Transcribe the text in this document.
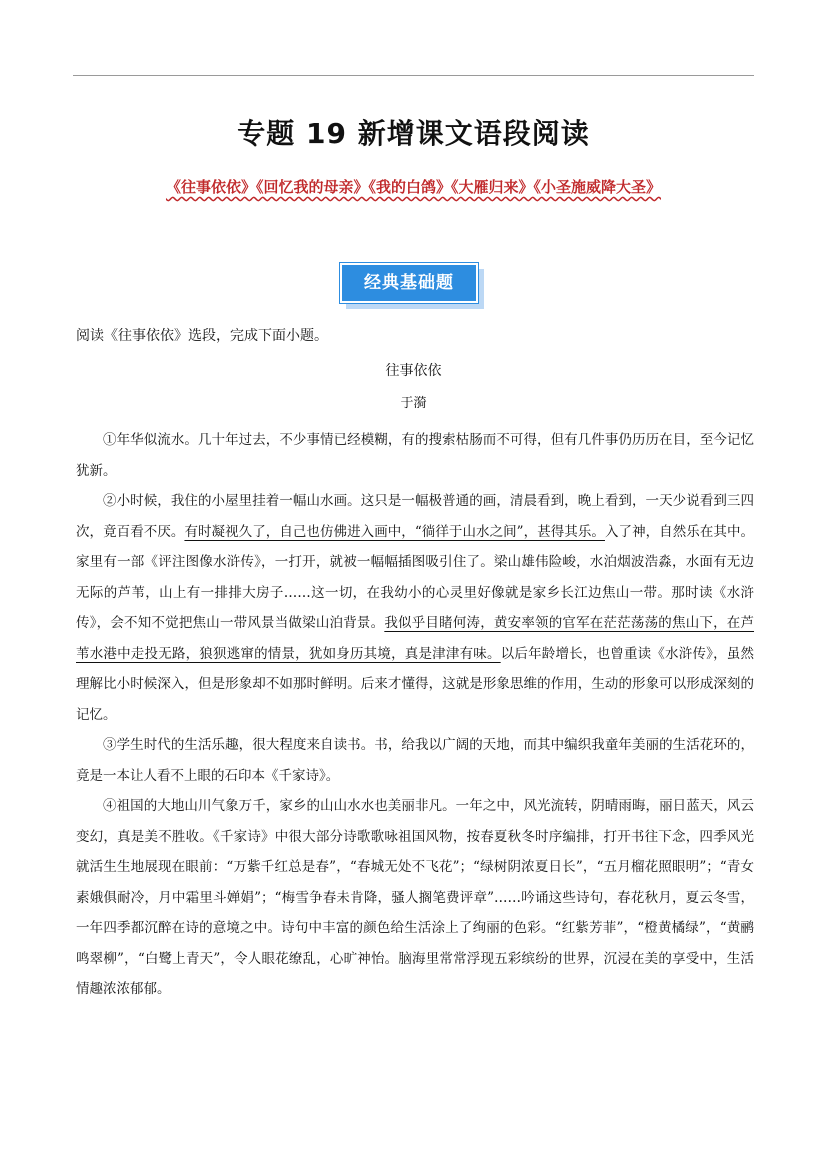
专题 19 新增课文语段阅读
《往事依依》《回忆我的母亲》《我的白鸽》《大雁归来》《小圣施威降大圣》
经典基础题
阅读《往事依依》选段，完成下面小题。
往事依依
于漪

①年华似流水。几十年过去，不少事情已经模糊，有的搜索枯肠而不可得，但有几件事仍历历在目，至今记忆犹新。

②小时候，我住的小屋里挂着一幅山水画。这只是一幅极普通的画，清晨看到，晚上看到，一天少说看到三四次，竟百看不厌。有时凝视久了，自己也仿佛进入画中，“徜徉于山水之间”，甚得其乐。入了神，自然乐在其中。家里有一部《评注图像水浒传》，一打开，就被一幅幅插图吸引住了。梁山雄伟险峻，水泊烟波浩淼，水面有无边无际的芦苇，山上有一排排大房子……这一切，在我幼小的心灵里好像就是家乡长江边焦山一带。那时读《水浒传》，会不知不觉把焦山一带风景当做梁山泊背景。我似乎目睹何涛，黄安率领的官军在茫茫荡荡的焦山下，在芦苇水港中走投无路，狼狈逃窜的情景，犹如身历其境，真是津津有味。以后年龄增长，也曾重读《水浒传》，虽然理解比小时候深入，但是形象却不如那时鲜明。后来才懂得，这就是形象思维的作用，生动的形象可以形成深刻的记忆。

③学生时代的生活乐趣，很大程度来自读书。书，给我以广阔的天地，而其中编织我童年美丽的生活花环的，竟是一本让人看不上眼的石印本《千家诗》。

④祖国的大地山川气象万千，家乡的山山水水也美丽非凡。一年之中，风光流转，阴晴雨晦，丽日蓝天，风云变幻，真是美不胜收。《千家诗》中很大部分诗歌歌咏祖国风物，按春夏秋冬时序编排，打开书往下念，四季风光就活生生地展现在眼前：“万紫千红总是春”，“春城无处不飞花”；“绿树阴浓夏日长”，“五月榴花照眼明”；“青女素娥俱耐冷，月中霜里斗婵娟”；“梅雪争春未肯降，骚人搁笔费评章”……吟诵这些诗句，春花秋月，夏云冬雪，一年四季都沉醉在诗的意境之中。诗句中丰富的颜色给生活涂上了绚丽的色彩。“红紫芳菲”，“橙黄橘绿”，“黄鹂鸣翠柳”，“白鹭上青天”，令人眼花缭乱，心旷神怡。脑海里常常浮现五彩缤纷的世界，沉浸在美的享受中，生活情趣浓浓郁郁。
